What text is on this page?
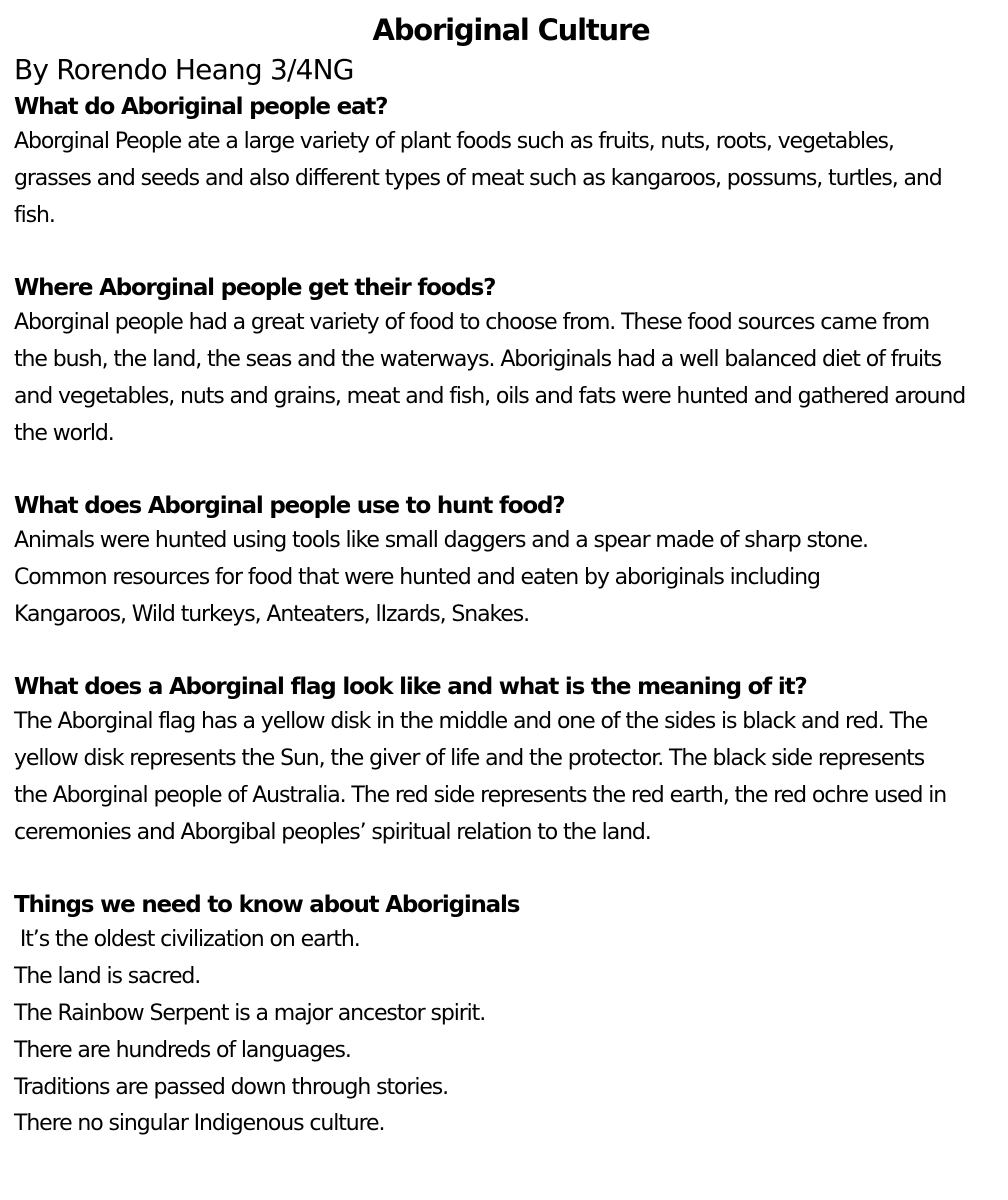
Aboriginal Culture

By Rorendo Heang 3/4NG

What do Aboriginal people eat?

Aborginal People ate a large variety of plant foods such as fruits, nuts, roots, vegetables,
grasses and seeds and also different types of meat such as kangaroos, possums, turtles, and
fish.

Where Aborginal people get their foods?

Aborginal people had a great variety of food to choose from. These food sources came from
the bush, the land, the seas and the waterways. Aboriginals had a well balanced diet of fruits
and vegetables, nuts and grains, meat and fish, oils and fats were hunted and gathered around
the world.

What does Aborginal people use to hunt food?

Animals were hunted using tools like small daggers and a spear made of sharp stone.
Common resources for food that were hunted and eaten by aboriginals including
Kangaroos, Wild turkeys, Anteaters, lIzards, Snakes.

What does a Aborginal flag look like and what is the meaning of it?

The Aborginal flag has a yellow disk in the middle and one of the sides is black and red. The
yellow disk represents the Sun, the giver of life and the protector. The black side represents
the Aborginal people of Australia. The red side represents the red earth, the red ochre used in
ceremonies and Aborgibal peoples’ spiritual relation to the land.

Things we need to know about Aboriginals
It’s the oldest civilization on earth.
The land is sacred.
The Rainbow Serpent is a major ancestor spirit.
There are hundreds of languages.
Traditions are passed down through stories.
There no singular Indigenous culture.
